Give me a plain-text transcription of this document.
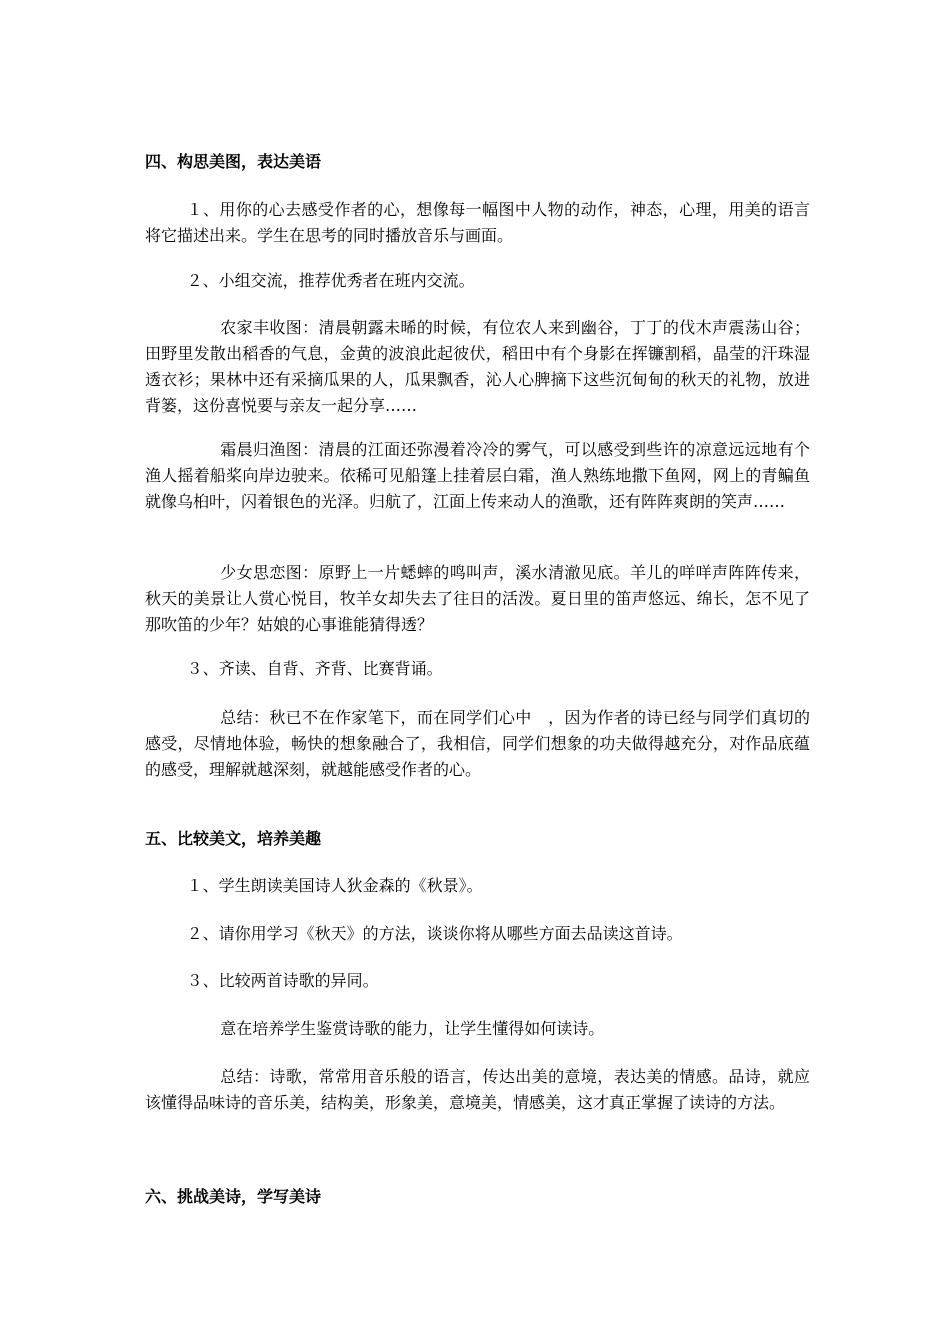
四、构思美图，表达美语
１、用你的心去感受作者的心，想像每一幅图中人物的动作，神态，心理，用美的语言将它描述出来。学生在思考的同时播放音乐与画面。
２、小组交流，推荐优秀者在班内交流。
农家丰收图：清晨朝露未晞的时候，有位农人来到幽谷，丁丁的伐木声震荡山谷；田野里发散出稻香的气息，金黄的波浪此起彼伏，稻田中有个身影在挥镰割稻，晶莹的汗珠湿透衣衫；果林中还有采摘瓜果的人，瓜果飘香，沁人心脾摘下这些沉甸甸的秋天的礼物，放进背篓，这份喜悦要与亲友一起分享……
霜晨归渔图：清晨的江面还弥漫着冷冷的雾气，可以感受到些许的凉意远远地有个渔人摇着船桨向岸边驶来。依稀可见船篷上挂着层白霜，渔人熟练地撒下鱼网，网上的青鳊鱼就像乌桕叶，闪着银色的光泽。归航了，江面上传来动人的渔歌，还有阵阵爽朗的笑声……
少女思恋图：原野上一片蟋蟀的鸣叫声，溪水清澈见底。羊儿的咩咩声阵阵传来，秋天的美景让人赏心悦目，牧羊女却失去了往日的活泼。夏日里的笛声悠远、绵长，怎不见了那吹笛的少年？姑娘的心事谁能猜得透？
３、齐读、自背、齐背、比赛背诵。
总结：秋已不在作家笔下，而在同学们心中　，因为作者的诗已经与同学们真切的感受，尽情地体验，畅快的想象融合了，我相信，同学们想象的功夫做得越充分，对作品底蕴的感受，理解就越深刻，就越能感受作者的心。
五、比较美文，培养美趣
１、学生朗读美国诗人狄金森的《秋景》。
２、请你用学习《秋天》的方法，谈谈你将从哪些方面去品读这首诗。
３、比较两首诗歌的异同。
意在培养学生鉴赏诗歌的能力，让学生懂得如何读诗。
总结：诗歌，常常用音乐般的语言，传达出美的意境，表达美的情感。品诗，就应该懂得品味诗的音乐美，结构美，形象美，意境美，情感美，这才真正掌握了读诗的方法。
六、挑战美诗，学写美诗
